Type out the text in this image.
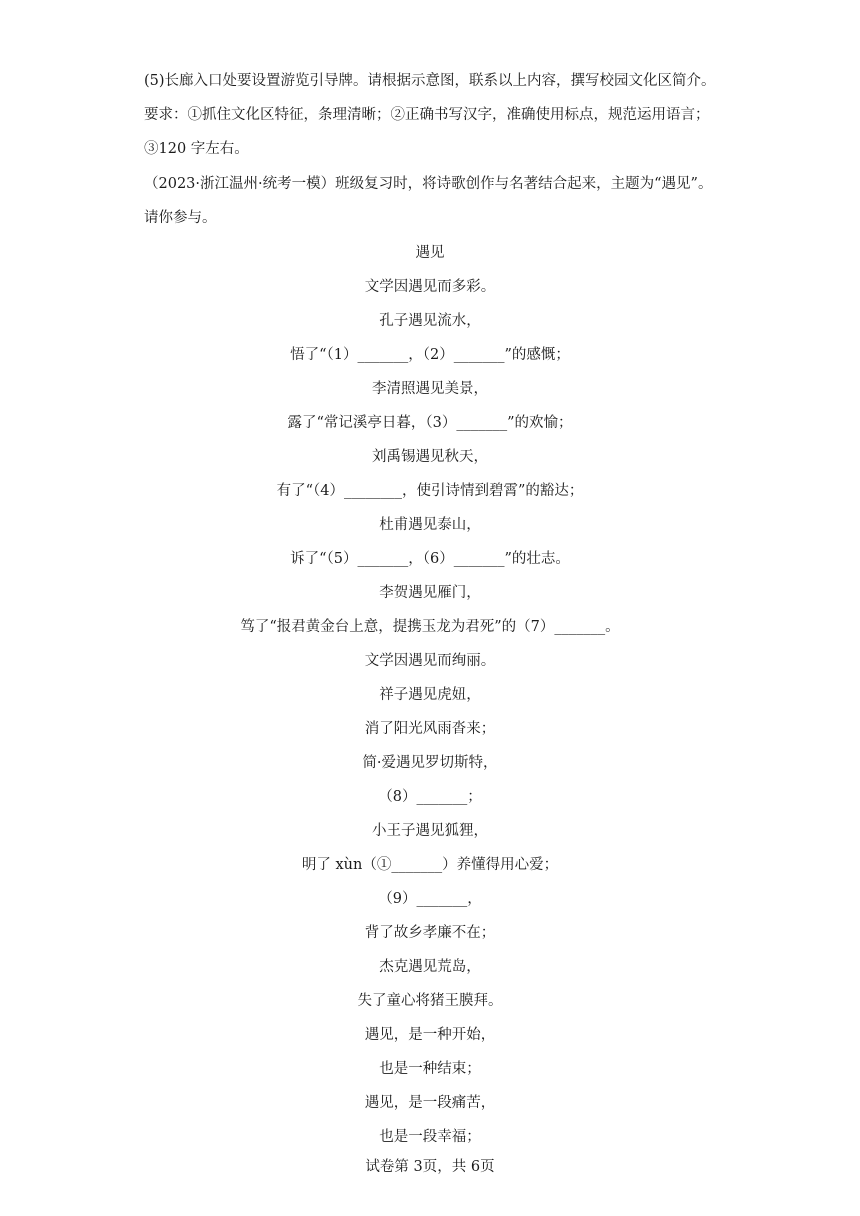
(5)长廊入口处要设置游览引导牌。请根据示意图，联系以上内容，撰写校园文化区简介。
要求：①抓住文化区特征，条理清晰；②正确书写汉字，准确使用标点，规范运用语言；
③120 字左右。
（2023·浙江温州·统考一模）班级复习时，将诗歌创作与名著结合起来，主题为“遇见”。
请你参与。
遇见
文学因遇见而多彩。
孔子遇见流水，
悟了“（1）_______，（2）_______”的感慨；
李清照遇见美景，
露了“常记溪亭日暮，（3）_______”的欢愉；
刘禹锡遇见秋天，
有了“（4）________，使引诗情到碧霄”的豁达；
杜甫遇见泰山，
诉了“（5）_______，（6）_______”的壮志。
李贺遇见雁门，
笃了“报君黄金台上意，提携玉龙为君死”的（7）_______。
文学因遇见而绚丽。
祥子遇见虎妞，
消了阳光风雨沓来；
简·爱遇见罗切斯特，
（8）_______；
小王子遇见狐狸，
明了 xùn（①_______）养懂得用心爱；
（9）_______，
背了故乡孝廉不在；
杰克遇见荒岛，
失了童心将猪王膜拜。
遇见，是一种开始，
也是一种结束；
遇见，是一段痛苦，
也是一段幸福；
试卷第 3页，共 6页
